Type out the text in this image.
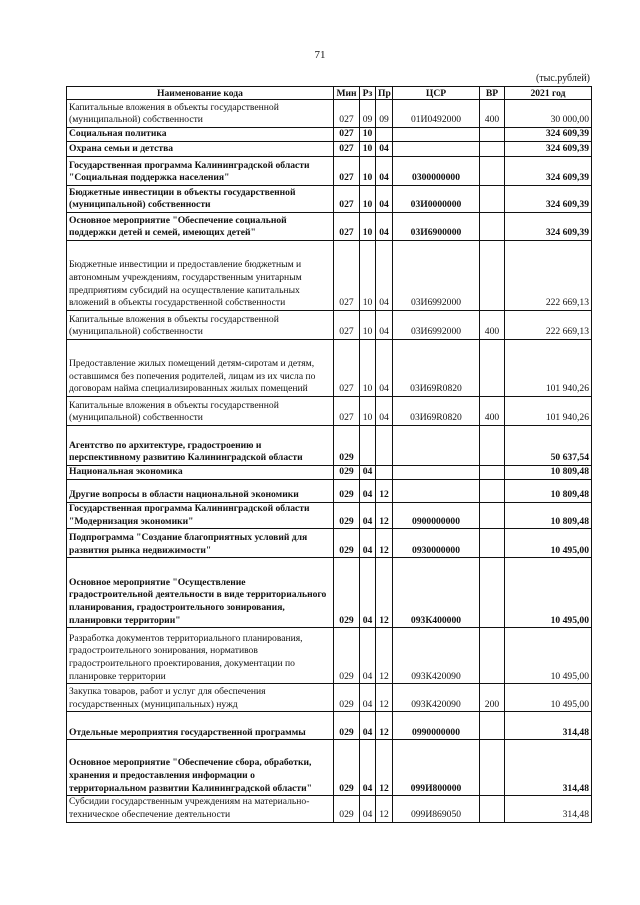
71
(тыс.рублей)
Наименование кода	Мин	Рз	Пр	ЦСР	ВР	2021 год
Капитальные вложения в объекты государственной (муниципальной) собственности	027	09	09	01И0492000	400	30 000,00
Социальная политика	027	10				324 609,39
Охрана семьи и детства	027	10	04			324 609,39
Государственная программа Калининградской области "Социальная поддержка населения"	027	10	04	0300000000		324 609,39
Бюджетные инвестиции в объекты государственной (муниципальной) собственности	027	10	04	03И0000000		324 609,39
Основное мероприятие "Обеспечение социальной поддержки детей и семей, имеющих детей"	027	10	04	03И6900000		324 609,39
Бюджетные инвестиции и предоставление бюджетным и автономным учреждениям, государственным унитарным предприятиям субсидий на осуществление капитальных вложений в объекты государственной собственности	027	10	04	03И6992000		222 669,13
Капитальные вложения в объекты государственной (муниципальной) собственности	027	10	04	03И6992000	400	222 669,13
Предоставление жилых помещений детям-сиротам и детям, оставшимся без попечения родителей, лицам из их числа по договорам найма специализированных жилых помещений	027	10	04	03И69R0820		101 940,26
Капитальные вложения в объекты государственной (муниципальной) собственности	027	10	04	03И69R0820	400	101 940,26
Агентство по архитектуре, градостроению и перспективному развитию Калининградской области	029					50 637,54
Национальная экономика	029	04				10 809,48
Другие вопросы в области национальной экономики	029	04	12			10 809,48
Государственная программа Калининградской области "Модернизация экономики"	029	04	12	0900000000		10 809,48
Подпрограмма "Создание благоприятных условий для развития рынка недвижимости"	029	04	12	0930000000		10 495,00
Основное мероприятие "Осуществление градостроительной деятельности в виде территориального планирования, градостроительного зонирования, планировки территории"	029	04	12	093К400000		10 495,00
Разработка документов территориального планирования, градостроительного зонирования, нормативов градостроительного проектирования, документации по планировке территории	029	04	12	093К420090		10 495,00
Закупка товаров, работ и услуг для обеспечения государственных (муниципальных) нужд	029	04	12	093К420090	200	10 495,00
Отдельные мероприятия государственной программы	029	04	12	0990000000		314,48
Основное мероприятие "Обеспечение сбора, обработки, хранения и предоставления информации о территориальном развитии Калининградской области"	029	04	12	099И800000		314,48
Субсидии государственным учреждениям на материально-техническое обеспечение деятельности	029	04	12	099И869050		314,48
